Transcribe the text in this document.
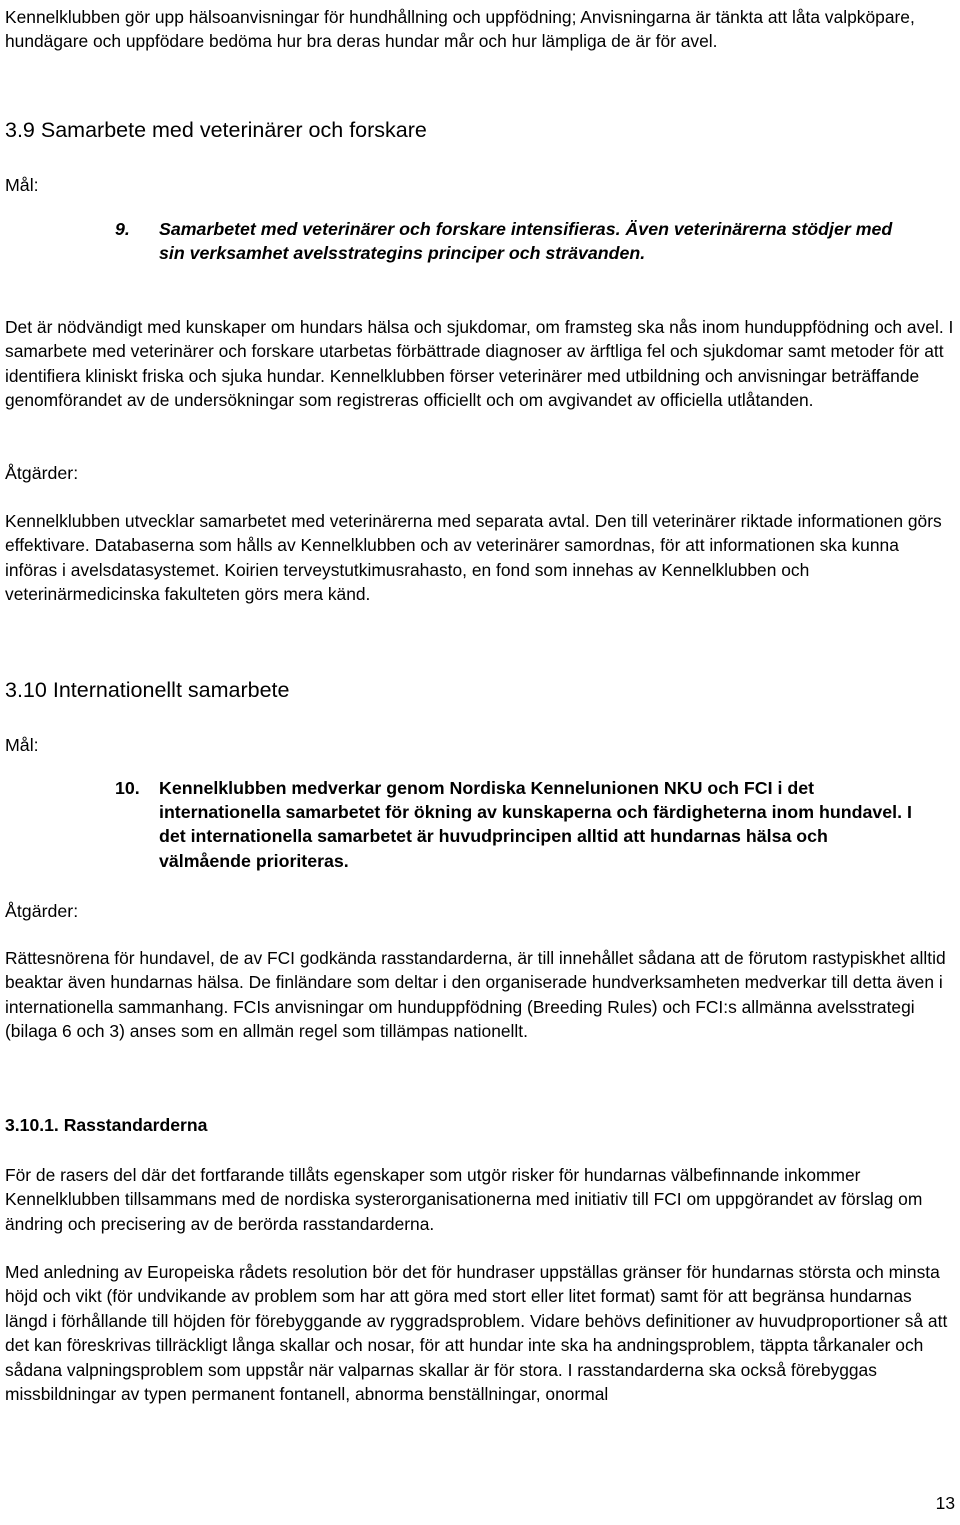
Kennelklubben gör upp hälsoanvisningar för hundhållning och uppfödning; Anvisningarna är tänkta att låta valpköpare, hundägare och uppfödare bedöma hur bra deras hundar mår och hur lämpliga de är för avel.

3.9 Samarbete med veterinärer och forskare
Mål:
9. Samarbetet med veterinärer och forskare intensifieras. Även veterinärerna stödjer med sin verksamhet avelsstrategins principer och strävanden.

Det är nödvändigt med kunskaper om hundars hälsa och sjukdomar, om framsteg ska nås inom hunduppfödning och avel. I samarbete med veterinärer och forskare utarbetas förbättrade diagnoser av ärftliga fel och sjukdomar samt metoder för att identifiera kliniskt friska och sjuka hundar. Kennelklubben förser veterinärer med utbildning och anvisningar beträffande genomförandet av de undersökningar som registreras officiellt och om avgivandet av officiella utlåtanden.

Åtgärder:

Kennelklubben utvecklar samarbetet med veterinärerna med separata avtal. Den till veterinärer riktade informationen görs effektivare. Databaserna som hålls av Kennelklubben och av veterinärer samordnas, för att informationen ska kunna införas i avelsdatasystemet. Koirien terveystutkimusrahasto, en fond som innehas av Kennelklubben och veterinärmedicinska fakulteten görs mera känd.

3.10 Internationellt samarbete
Mål:
10. Kennelklubben medverkar genom Nordiska Kennelunionen NKU och FCI i det internationella samarbetet för ökning av kunskaperna och färdigheterna inom hundavel. I det internationella samarbetet är huvudprincipen alltid att hundarnas hälsa och välmående prioriteras.
Åtgärder:

Rättesnörena för hundavel, de av FCI godkända rasstandarderna, är till innehållet sådana att de förutom rastypiskhet alltid beaktar även hundarnas hälsa. De finländare som deltar i den organiserade hundverksamheten medverkar till detta även i internationella sammanhang. FCIs anvisningar om hunduppfödning (Breeding Rules) och FCI:s allmänna avelsstrategi (bilaga 6 och 3) anses som en allmän regel som tillämpas nationellt.

3.10.1. Rasstandarderna

För de rasers del där det fortfarande tillåts egenskaper som utgör risker för hundarnas välbefinnande inkommer Kennelklubben tillsammans med de nordiska systerorganisationerna med initiativ till FCI om uppgörandet av förslag om ändring och precisering av de berörda rasstandarderna.

Med anledning av Europeiska rådets resolution bör det för hundraser uppställas gränser för hundarnas största och minsta höjd och vikt (för undvikande av problem som har att göra med stort eller litet format) samt för att begränsa hundarnas längd i förhållande till höjden för förebyggande av ryggradsproblem. Vidare behövs definitioner av huvudproportioner så att det kan föreskrivas tillräckligt långa skallar och nosar, för att hundar inte ska ha andningsproblem, täppta tårkanaler och sådana valpningsproblem som uppstår när valparnas skallar är för stora. I rasstandarderna ska också förebyggas missbildningar av typen permanent fontanell, abnorma benställningar, onormal

13
